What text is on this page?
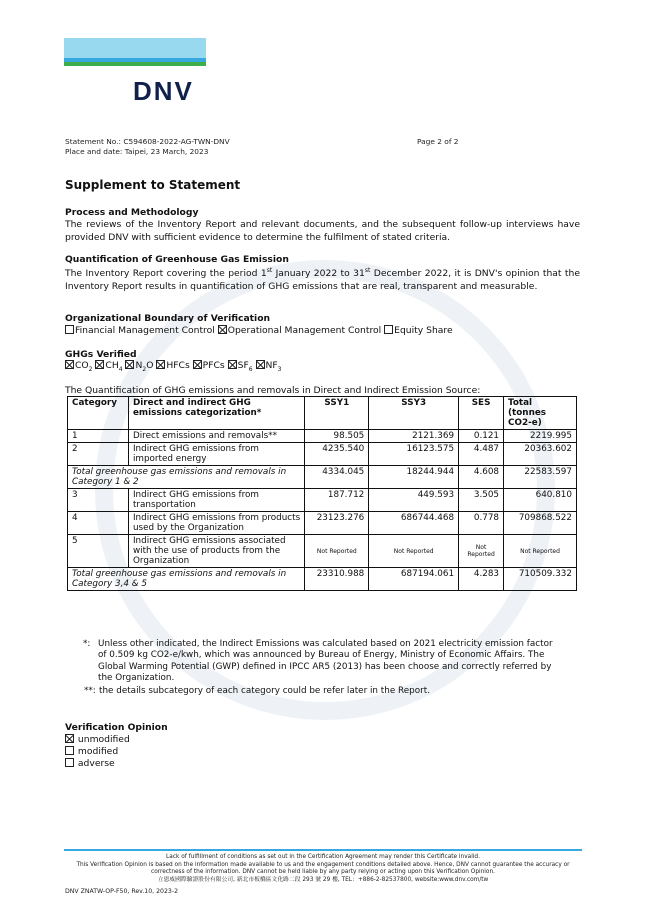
DNV
Statement No.: C594608-2022-AG-TWN-DNV
Place and date: Taipei, 23 March, 2023
Page 2 of 2
Supplement to Statement
Process and Methodology
The reviews of the Inventory Report and relevant documents, and the subsequent follow-up interviews have provided DNV with sufficient evidence to determine the fulfilment of stated criteria.
Quantification of Greenhouse Gas Emission
The Inventory Report covering the period 1st January 2022 to 31st December 2022, it is DNV's opinion that the Inventory Report results in quantification of GHG emissions that are real, transparent and measurable.
Organizational Boundary of Verification
Financial Management Control Operational Management Control Equity Share
GHGs Verified
$CO_2$ $CH_4$ $N_2O$ HFCs PFCs $SF_6$ $NF_3$
The Quantification of GHG emissions and removals in Direct and Indirect Emission Source:
Category	Direct and indirect GHG emissions categorization*	SSY1	SSY3	SES	Total (tonnes CO2-e)
1	Direct emissions and removals**	98.505	2121.369	0.121	2219.995
2	Indirect GHG emissions from imported energy	4235.540	16123.575	4.487	20363.602
Total greenhouse gas emissions and removals in Category 1 & 2		4334.045	18244.944	4.608	22583.597
3	Indirect GHG emissions from transportation	187.712	449.593	3.505	640.810
4	Indirect GHG emissions from products used by the Organization	23123.276	686744.468	0.778	709868.522
5	Indirect GHG emissions associated with the use of products from the Organization	Not Reported	Not Reported	Not Reported	Not Reported
Total greenhouse gas emissions and removals in Category 3,4 & 5		23310.988	687194.061	4.283	710509.332
*: Unless other indicated, the Indirect Emissions was calculated based on 2021 electricity emission factor of 0.509 kg CO2-e/kwh, which was announced by Bureau of Energy, Ministry of Economic Affairs. The Global Warming Potential (GWP) defined in IPCC AR5 (2013) has been choose and correctly referred by the Organization.
**: the details subcategory of each category could be refer later in the Report.
Verification Opinion
unmodified
modified
adverse
Lack of fulfillment of conditions as set out in the Certification Agreement may render this Certificate invalid.
This Verification Opinion is based on the information made available to us and the engagement conditions detailed above. Hence, DNV cannot guarantee the accuracy or correctness of the information. DNV cannot be held liable by any party relying or acting upon this Verification Opinion.
立恩威國際驗證股份有限公司, 新北市板橋區文化路二段 293 號 29 樓, TEL：+886-2-82537800, website:www.dnv.com/tw
DNV ZNATW-OP-F50, Rev.10, 2023-2
